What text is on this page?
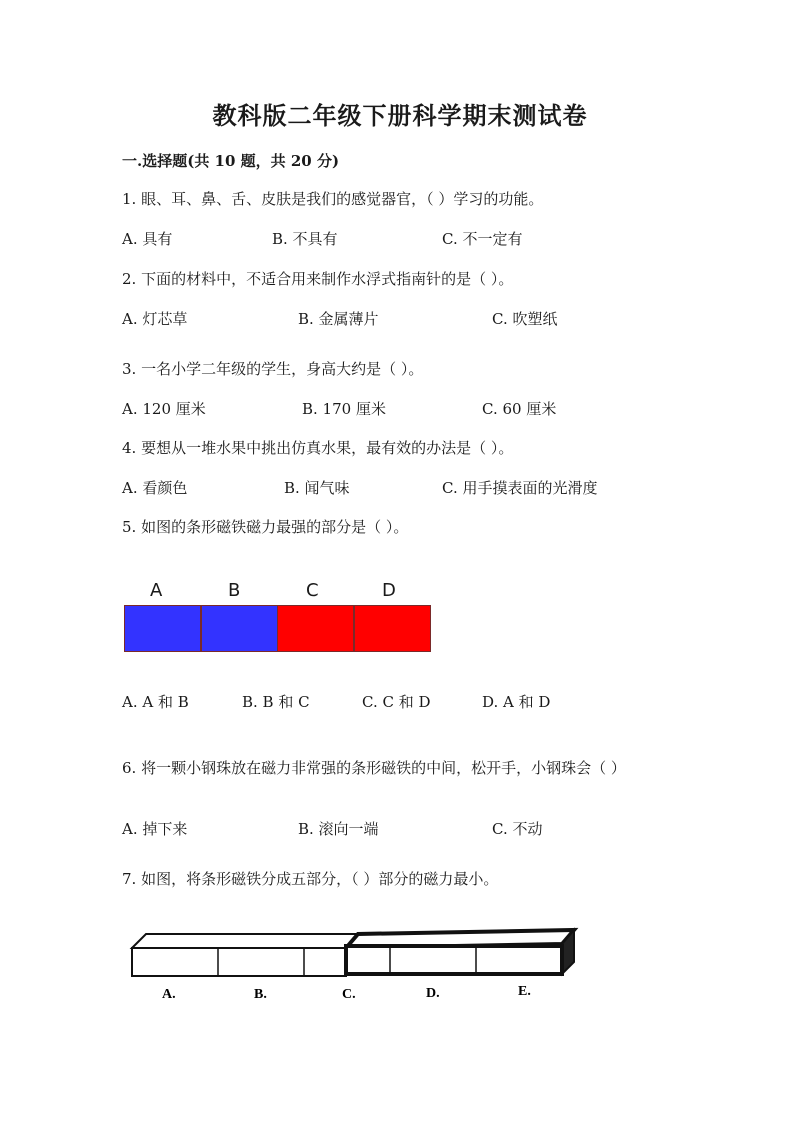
教科版二年级下册科学期末测试卷
一.选择题(共 10 题，共 20 分)
1. 眼、耳、鼻、舌、皮肤是我们的感觉器官，（ ）学习的功能。
A. 具有	B. 不具有	C. 不一定有
2. 下面的材料中，不适合用来制作水浮式指南针的是（ ）。
A. 灯芯草	B. 金属薄片	C. 吹塑纸
3. 一名小学二年级的学生，身高大约是（ ）。
A. 120 厘米	B. 170 厘米	C. 60 厘米
4. 要想从一堆水果中挑出仿真水果，最有效的办法是（ ）。
A. 看颜色	B. 闻气味	C. 用手摸表面的光滑度
5. 如图的条形磁铁磁力最强的部分是（ ）。
A	B	C	D
A. A 和 B	B. B 和 C	C. C 和 D	D. A 和 D
6. 将一颗小钢珠放在磁力非常强的条形磁铁的中间，松开手，小钢珠会（ ）
A. 掉下来	B. 滚向一端	C. 不动
7. 如图，将条形磁铁分成五部分，（ ）部分的磁力最小。
A.	B.	C.	D.	E.
